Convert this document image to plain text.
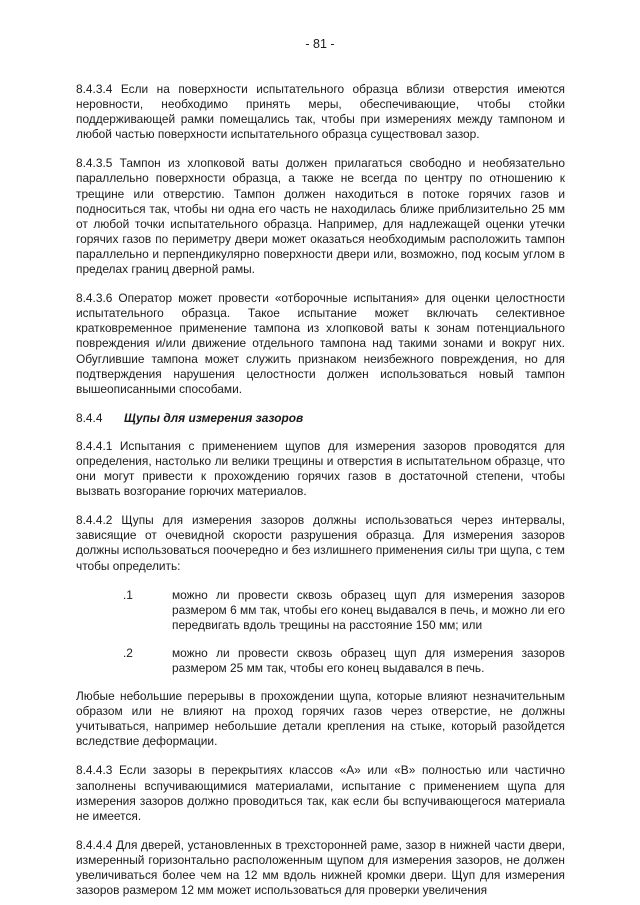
- 81 -

8.4.3.4 Если на поверхности испытательного образца вблизи отверстия имеются неровности, необходимо принять меры, обеспечивающие, чтобы стойки поддерживающей рамки помещались так, чтобы при измерениях между тампоном и любой частью поверхности испытательного образца существовал зазор.

8.4.3.5 Тампон из хлопковой ваты должен прилагаться свободно и необязательно параллельно поверхности образца, а также не всегда по центру по отношению к трещине или отверстию. Тампон должен находиться в потоке горячих газов и подноситься так, чтобы ни одна его часть не находилась ближе приблизительно 25 мм от любой точки испытательного образца. Например, для надлежащей оценки утечки горячих газов по периметру двери может оказаться необходимым расположить тампон параллельно и перпендикулярно поверхности двери или, возможно, под косым углом в пределах границ дверной рамы.

8.4.3.6 Оператор может провести «отборочные испытания» для оценки целостности испытательного образца. Такое испытание может включать селективное кратковременное применение тампона из хлопковой ваты к зонам потенциального повреждения и/или движение отдельного тампона над такими зонами и вокруг них. Обуглившие тампона может служить признаком неизбежного повреждения, но для подтверждения нарушения целостности должен использоваться новый тампон вышеописанными способами.

8.4.4	Щупы для измерения зазоров

8.4.4.1 Испытания с применением щупов для измерения зазоров проводятся для определения, настолько ли велики трещины и отверстия в испытательном образце, что они могут привести к прохождению горячих газов в достаточной степени, чтобы вызвать возгорание горючих материалов.

8.4.4.2 Щупы для измерения зазоров должны использоваться через интервалы, зависящие от очевидной скорости разрушения образца. Для измерения зазоров должны использоваться поочередно и без излишнего применения силы три щупа, с тем чтобы определить:

.1	можно ли провести сквозь образец щуп для измерения зазоров размером 6 мм так, чтобы его конец выдавался в печь, и можно ли его передвигать вдоль трещины на расстояние 150 мм; или
.2	можно ли провести сквозь образец щуп для измерения зазоров размером 25 мм так, чтобы его конец выдавался в печь.

Любые небольшие перерывы в прохождении щупа, которые влияют незначительным образом или не влияют на проход горячих газов через отверстие, не должны учитываться, например небольшие детали крепления на стыке, который разойдется вследствие деформации.

8.4.4.3 Если зазоры в перекрытиях классов «А» или «В» полностью или частично заполнены вспучивающимися материалами, испытание с применением щупа для измерения зазоров должно проводиться так, как если бы вспучивающегося материала не имеется.

8.4.4.4 Для дверей, установленных в трехсторонней раме, зазор в нижней части двери, измеренный горизонтально расположенным щупом для измерения зазоров, не должен увеличиваться более чем на 12 мм вдоль нижней кромки двери. Щуп для измерения зазоров размером 12 мм может использоваться для проверки увеличения
